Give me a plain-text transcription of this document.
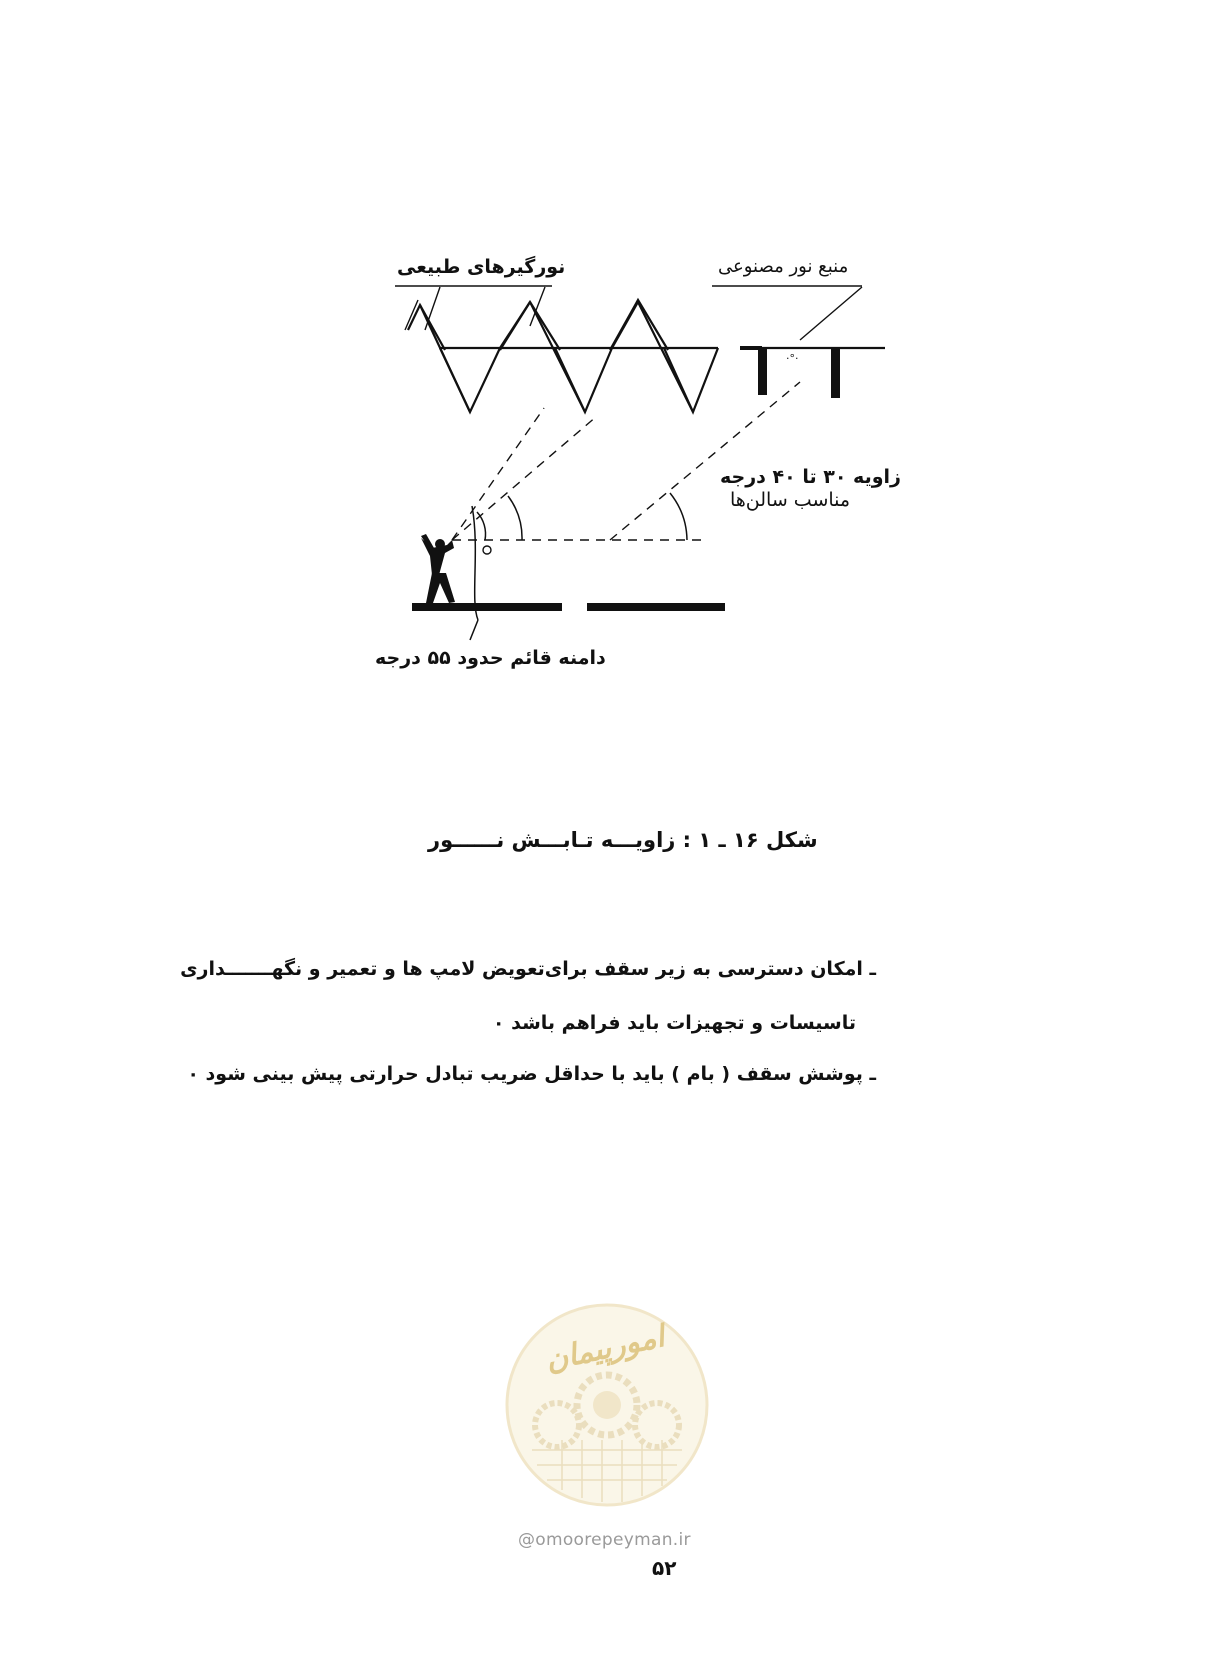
·°·
نورگیرهای طبیعی	منبع نور مصنوعی
زاویه ۳۰ تا ۴۰ درجه
مناسب سالن‌ها
دامنه قائم حدود ۵۵ درجه
شکل ۱۶ ـ ۱ : زاویـــه تـابـــش نــــــور
ـ امکان دسترسی به زیر سقف برای‌تعویض لامپ ها و تعمیر و نگهـــــــداری
تاسیسات و تجهیزات باید فراهم باشد ٠
ـ پوشش سقف ( بام ) باید با حداقل ضریب تبادل حرارتی پیش بینی شود ٠
امورپیمان
@omoorepeyman.ir
۵۲
